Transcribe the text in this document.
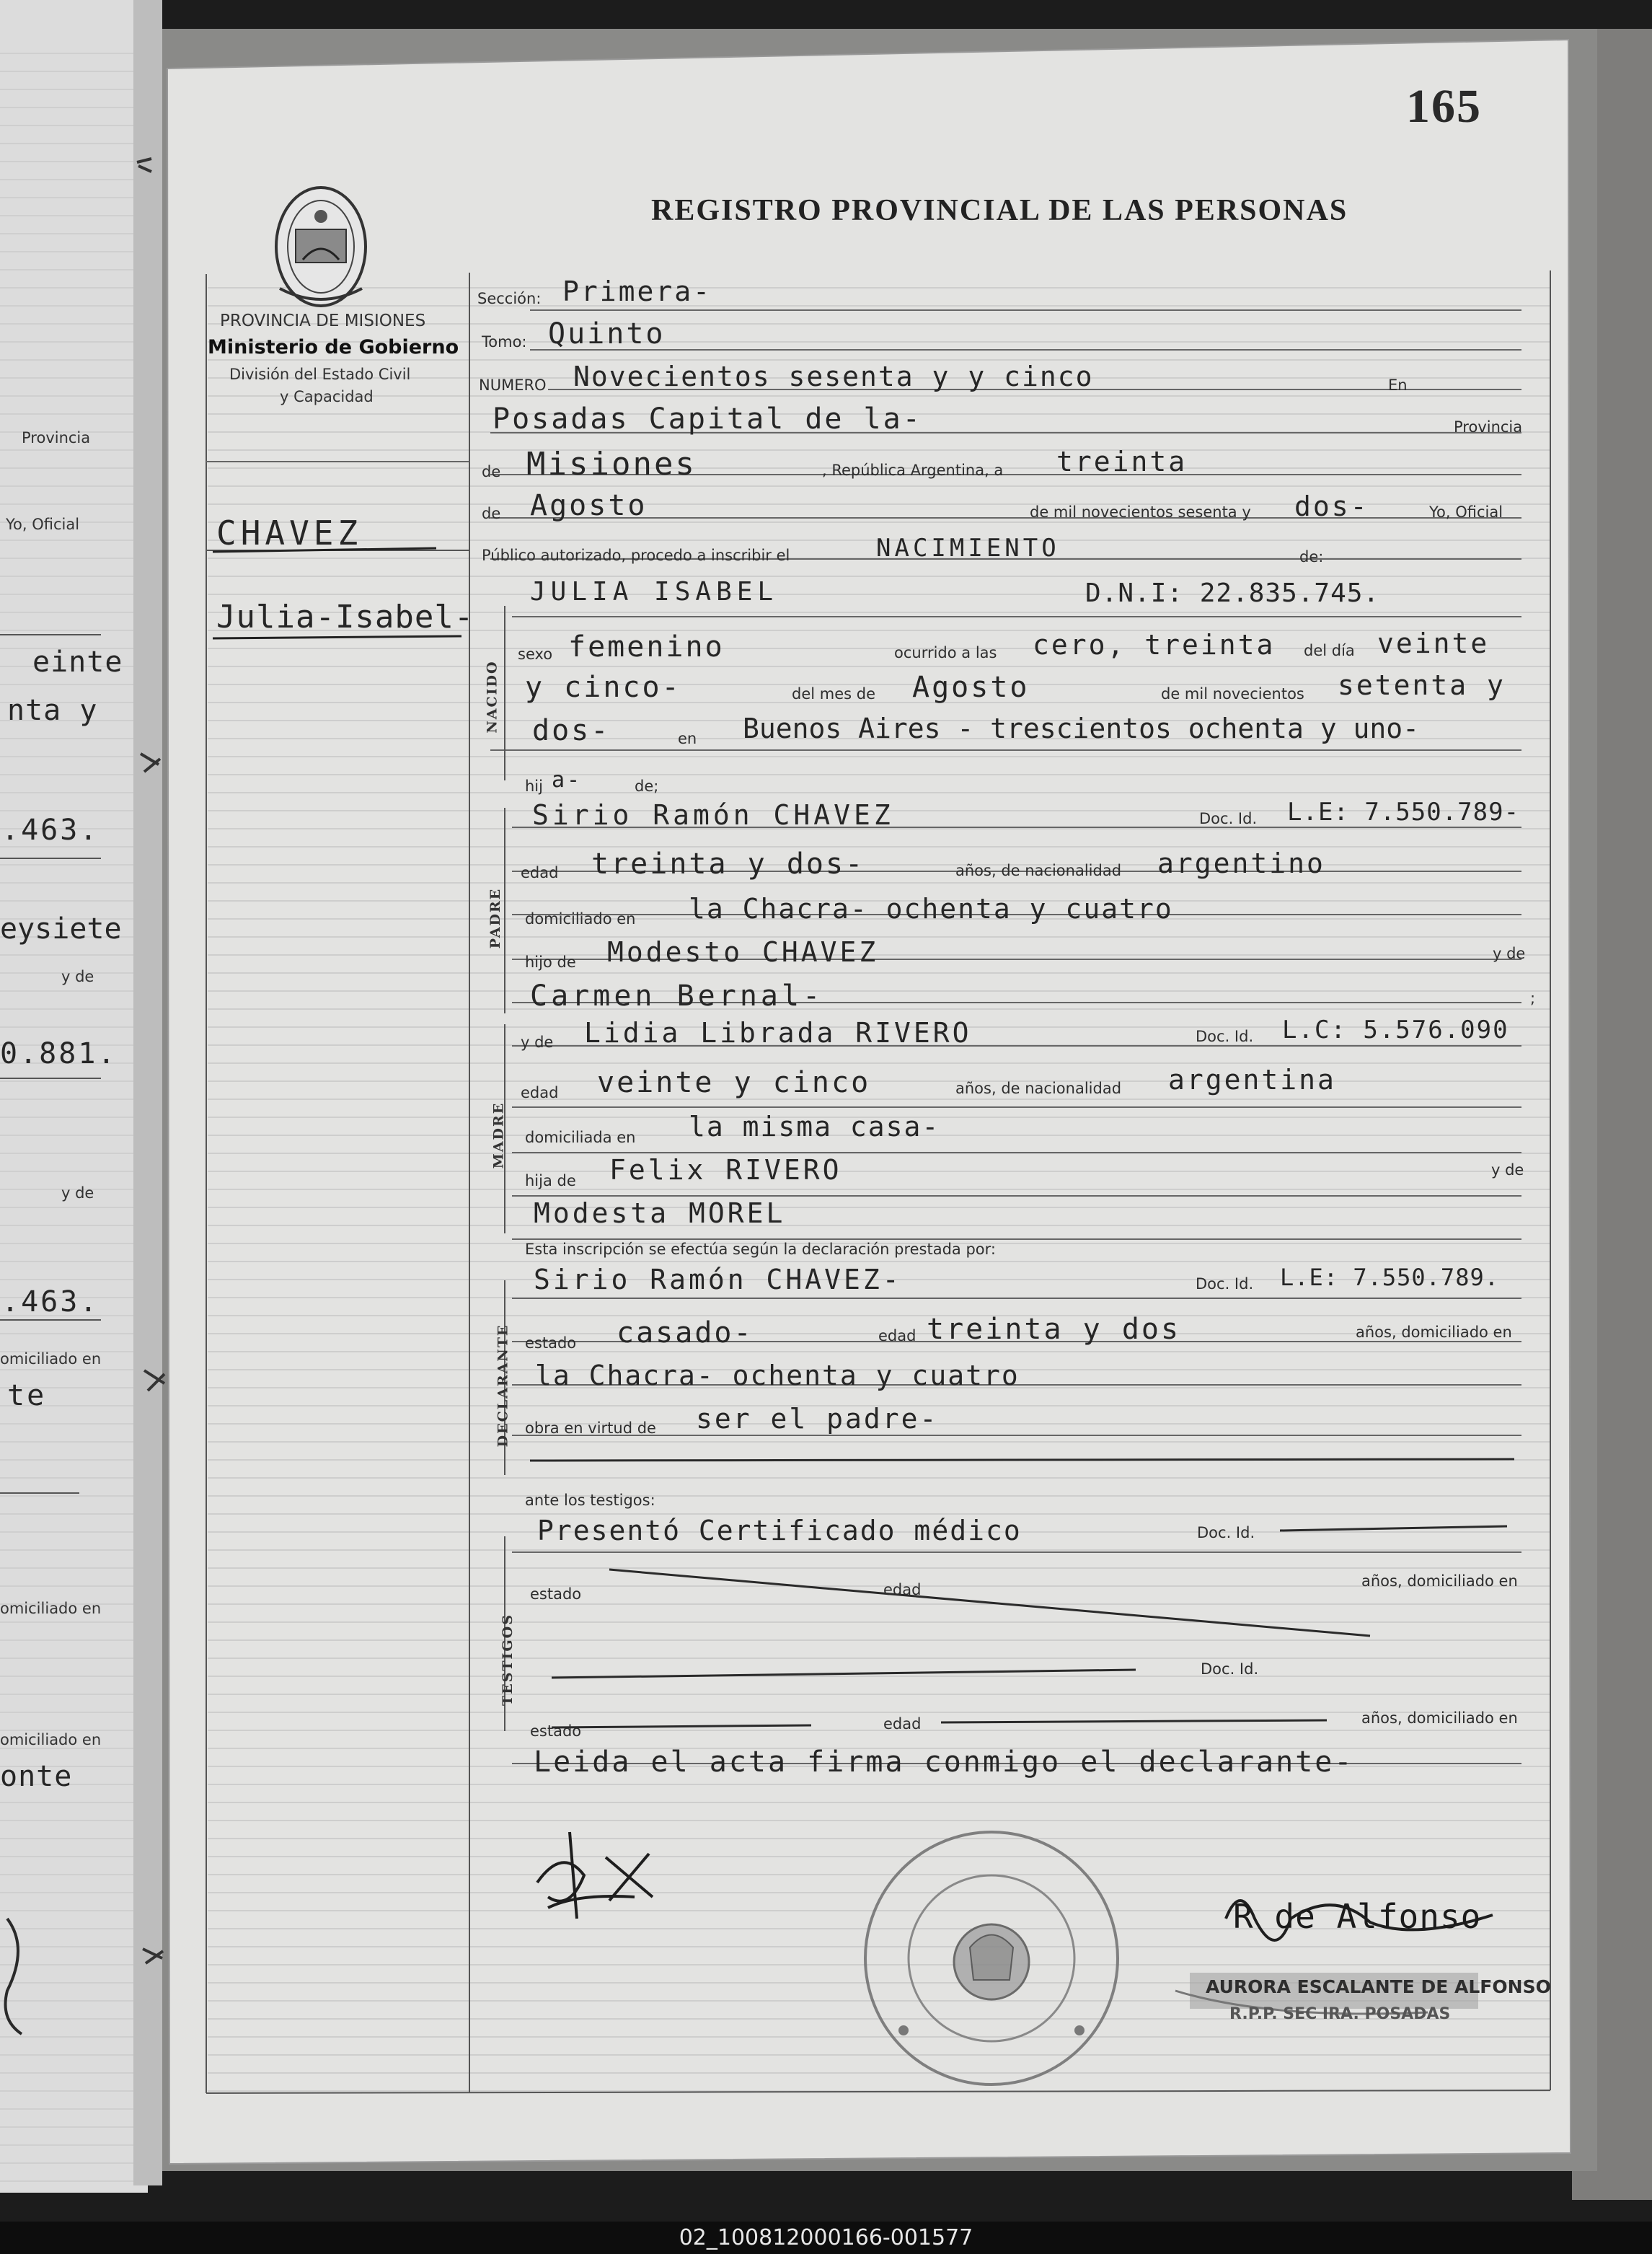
165
REGISTRO PROVINCIAL DE LAS PERSONAS
PROVINCIA DE MISIONES
Ministerio de Gobierno
División del Estado Civil
y Capacidad
CHAVEZ
Julia-Isabel-
Provincia
Yo, Oficial
einte
nta y
.463.
eysiete
y de
0.881.
y de
.463.
omiciliado en
te
omiciliado en
omiciliado en
onte
Sección: Primera-
Tomo: Quinto
NUMERO Novecientos sesenta y y cinco	En
Posadas Capital de la-	Provincia
de Misiones	, República Argentina, a treinta
de Agosto	de mil novecientos sesenta y dos-	Yo, Oficial
Público autorizado, procedo a inscribir el	NACIMIENTO	de:
NACIDO
JULIA ISABEL	D.N.I: 22.835.745.
sexo femenino	ocurrido a las cero, treinta del día veinte
y cinco-	del mes de Agosto	de mil novecientos setenta y
dos-	en Buenos Aires - trescientos ochenta y uno-
hij a-	de;
PADRE
Sirio Ramón CHAVEZ	Doc. Id. L.E: 7.550.789-
edad treinta y dos-	años, de nacionalidad argentino
domiciliado en la Chacra- ochenta y cuatro
hijo de Modesto CHAVEZ	y de
Carmen Bernal-	;
MADRE
y de Lidia Librada RIVERO	Doc. Id. L.C: 5.576.090
edad veinte y cinco	años, de nacionalidad argentina
domiciliada en la misma casa-
hija de Felix RIVERO	y de
Modesta MOREL
DECLARANTE
Esta inscripción se efectúa según la declaración prestada por:
Sirio Ramón CHAVEZ-	Doc. Id. L.E: 7.550.789.
estado casado-	edad treinta y dos	años, domiciliado en
la Chacra- ochenta y cuatro
obra en virtud de ser el padre-
TESTIGOS
ante los testigos:
Presentó Certificado médico	Doc. Id.
estado	edad	años, domiciliado en
Doc. Id.
estado	edad	años, domiciliado en
Leida el acta firma conmigo el declarante-
R de Alfonso
AURORA ESCALANTE DE ALFONSO
R.P.P. SEC IRA. POSADAS
02_100812000166-001577
